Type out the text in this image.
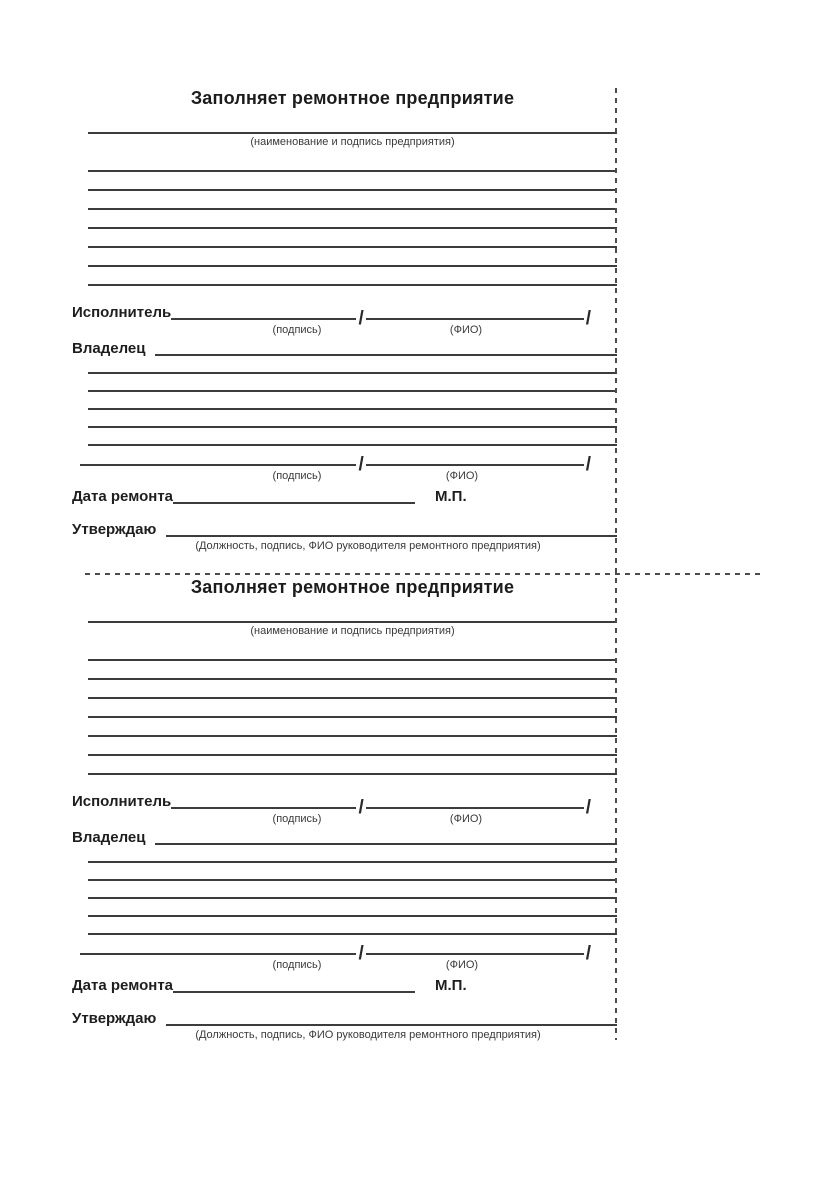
Заполняет ремонтное предприятие
(наименование и подпись предприятия)
Исполнитель	/	/
(подпись)	(ФИО)
Владелец
/	/
(подпись)	(ФИО)
Дата ремонта	М.П.
Утверждаю
(Должность, подпись, ФИО руководителя ремонтного предприятия)
Заполняет ремонтное предприятие
(наименование и подпись предприятия)
Исполнитель	/	/
(подпись)	(ФИО)
Владелец
/	/
(подпись)	(ФИО)
Дата ремонта	М.П.
Утверждаю
(Должность, подпись, ФИО руководителя ремонтного предприятия)
